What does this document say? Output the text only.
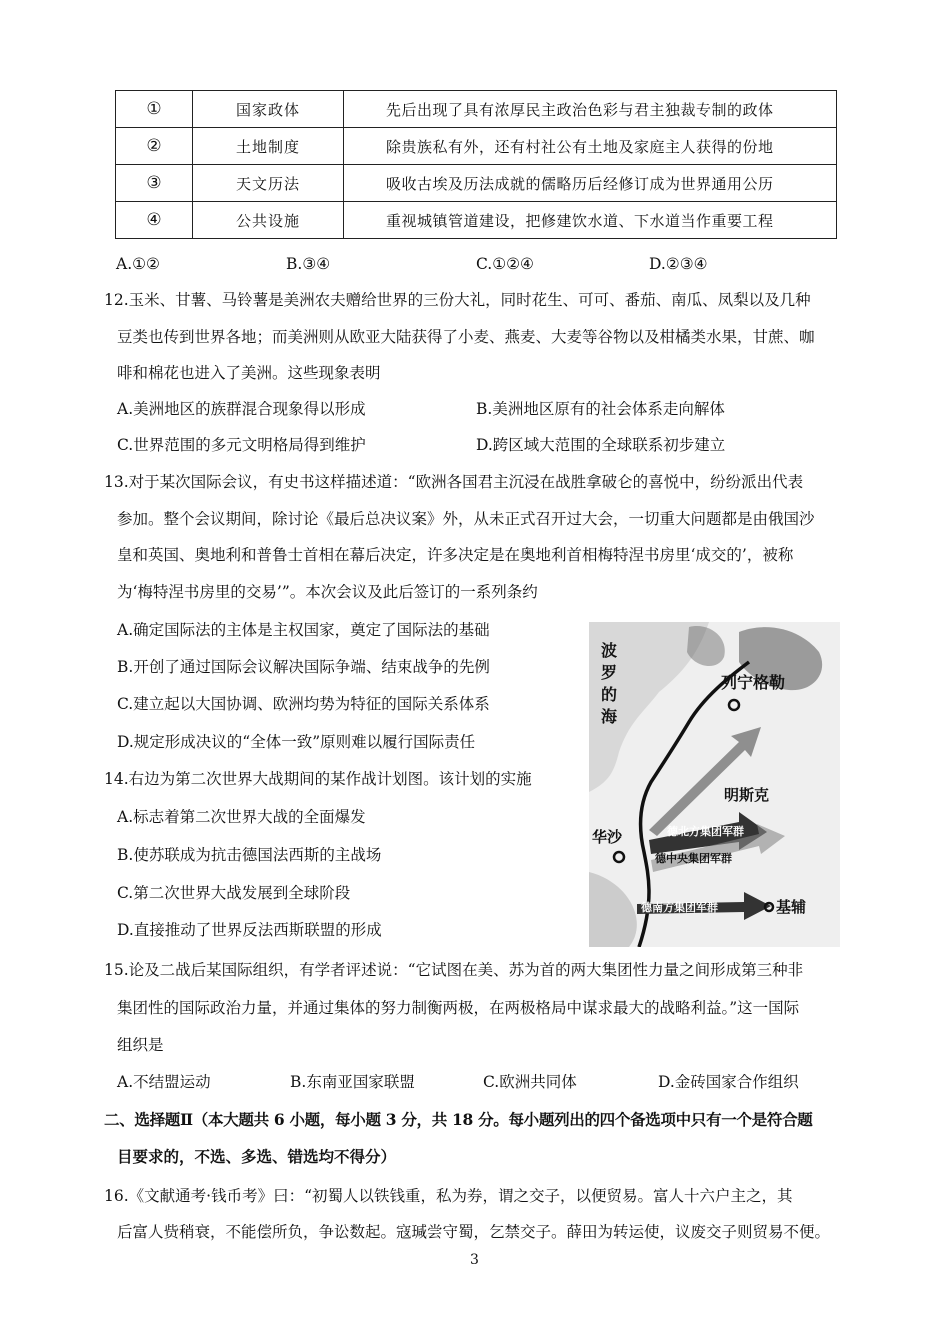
①	国家政体	先后出现了具有浓厚民主政治色彩与君主独裁专制的政体
②	土地制度	除贵族私有外，还有村社公有土地及家庭主人获得的份地
③	天文历法	吸收古埃及历法成就的儒略历后经修订成为世界通用公历
④	公共设施	重视城镇管道建设，把修建饮水道、下水道当作重要工程
A.①②	B.③④	C.①②④	D.②③④
12.玉米、甘薯、马铃薯是美洲农夫赠给世界的三份大礼，同时花生、可可、番茄、南瓜、凤梨以及几种
豆类也传到世界各地；而美洲则从欧亚大陆获得了小麦、燕麦、大麦等谷物以及柑橘类水果，甘蔗、咖
啡和棉花也进入了美洲。这些现象表明
A.美洲地区的族群混合现象得以形成	B.美洲地区原有的社会体系走向解体
C.世界范围的多元文明格局得到维护	D.跨区域大范围的全球联系初步建立
13.对于某次国际会议，有史书这样描述道：“欧洲各国君主沉浸在战胜拿破仑的喜悦中，纷纷派出代表
参加。整个会议期间，除讨论《最后总决议案》外，从未正式召开过大会，一切重大问题都是由俄国沙
皇和英国、奥地利和普鲁士首相在幕后决定，许多决定是在奥地利首相梅特涅书房里‘成交的’，被称
为‘梅特涅书房里的交易’”。本次会议及此后签订的一系列条约
A.确定国际法的主体是主权国家，奠定了国际法的基础
B.开创了通过国际会议解决国际争端、结束战争的先例
C.建立起以大国协调、欧洲均势为特征的国际关系体系
D.规定形成决议的“全体一致”原则难以履行国际责任
14.右边为第二次世界大战期间的某作战计划图。该计划的实施
A.标志着第二次世界大战的全面爆发
B.使苏联成为抗击德国法西斯的主战场
C.第二次世界大战发展到全球阶段
D.直接推动了世界反法西斯联盟的形成
波
罗
的
海
列宁格勒
明斯克
华沙
基辅
德北方集团军群
德中央集团军群
德南方集团军群
15.论及二战后某国际组织，有学者评述说：“它试图在美、苏为首的两大集团性力量之间形成第三种非
集团性的国际政治力量，并通过集体的努力制衡两极，在两极格局中谋求最大的战略利益。”这一国际
组织是
A.不结盟运动	B.东南亚国家联盟	C.欧洲共同体	D.金砖国家合作组织
二、选择题Ⅱ（本大题共 6 小题，每小题 3 分，共 18 分。每小题列出的四个备选项中只有一个是符合题
目要求的，不选、多选、错选均不得分）
16.《文献通考·钱币考》曰：“初蜀人以铁钱重，私为券，谓之交子，以便贸易。富人十六户主之，其
后富人赀稍衰，不能偿所负，争讼数起。寇瑊尝守蜀，乞禁交子。薛田为转运使，议废交子则贸易不便。
3
